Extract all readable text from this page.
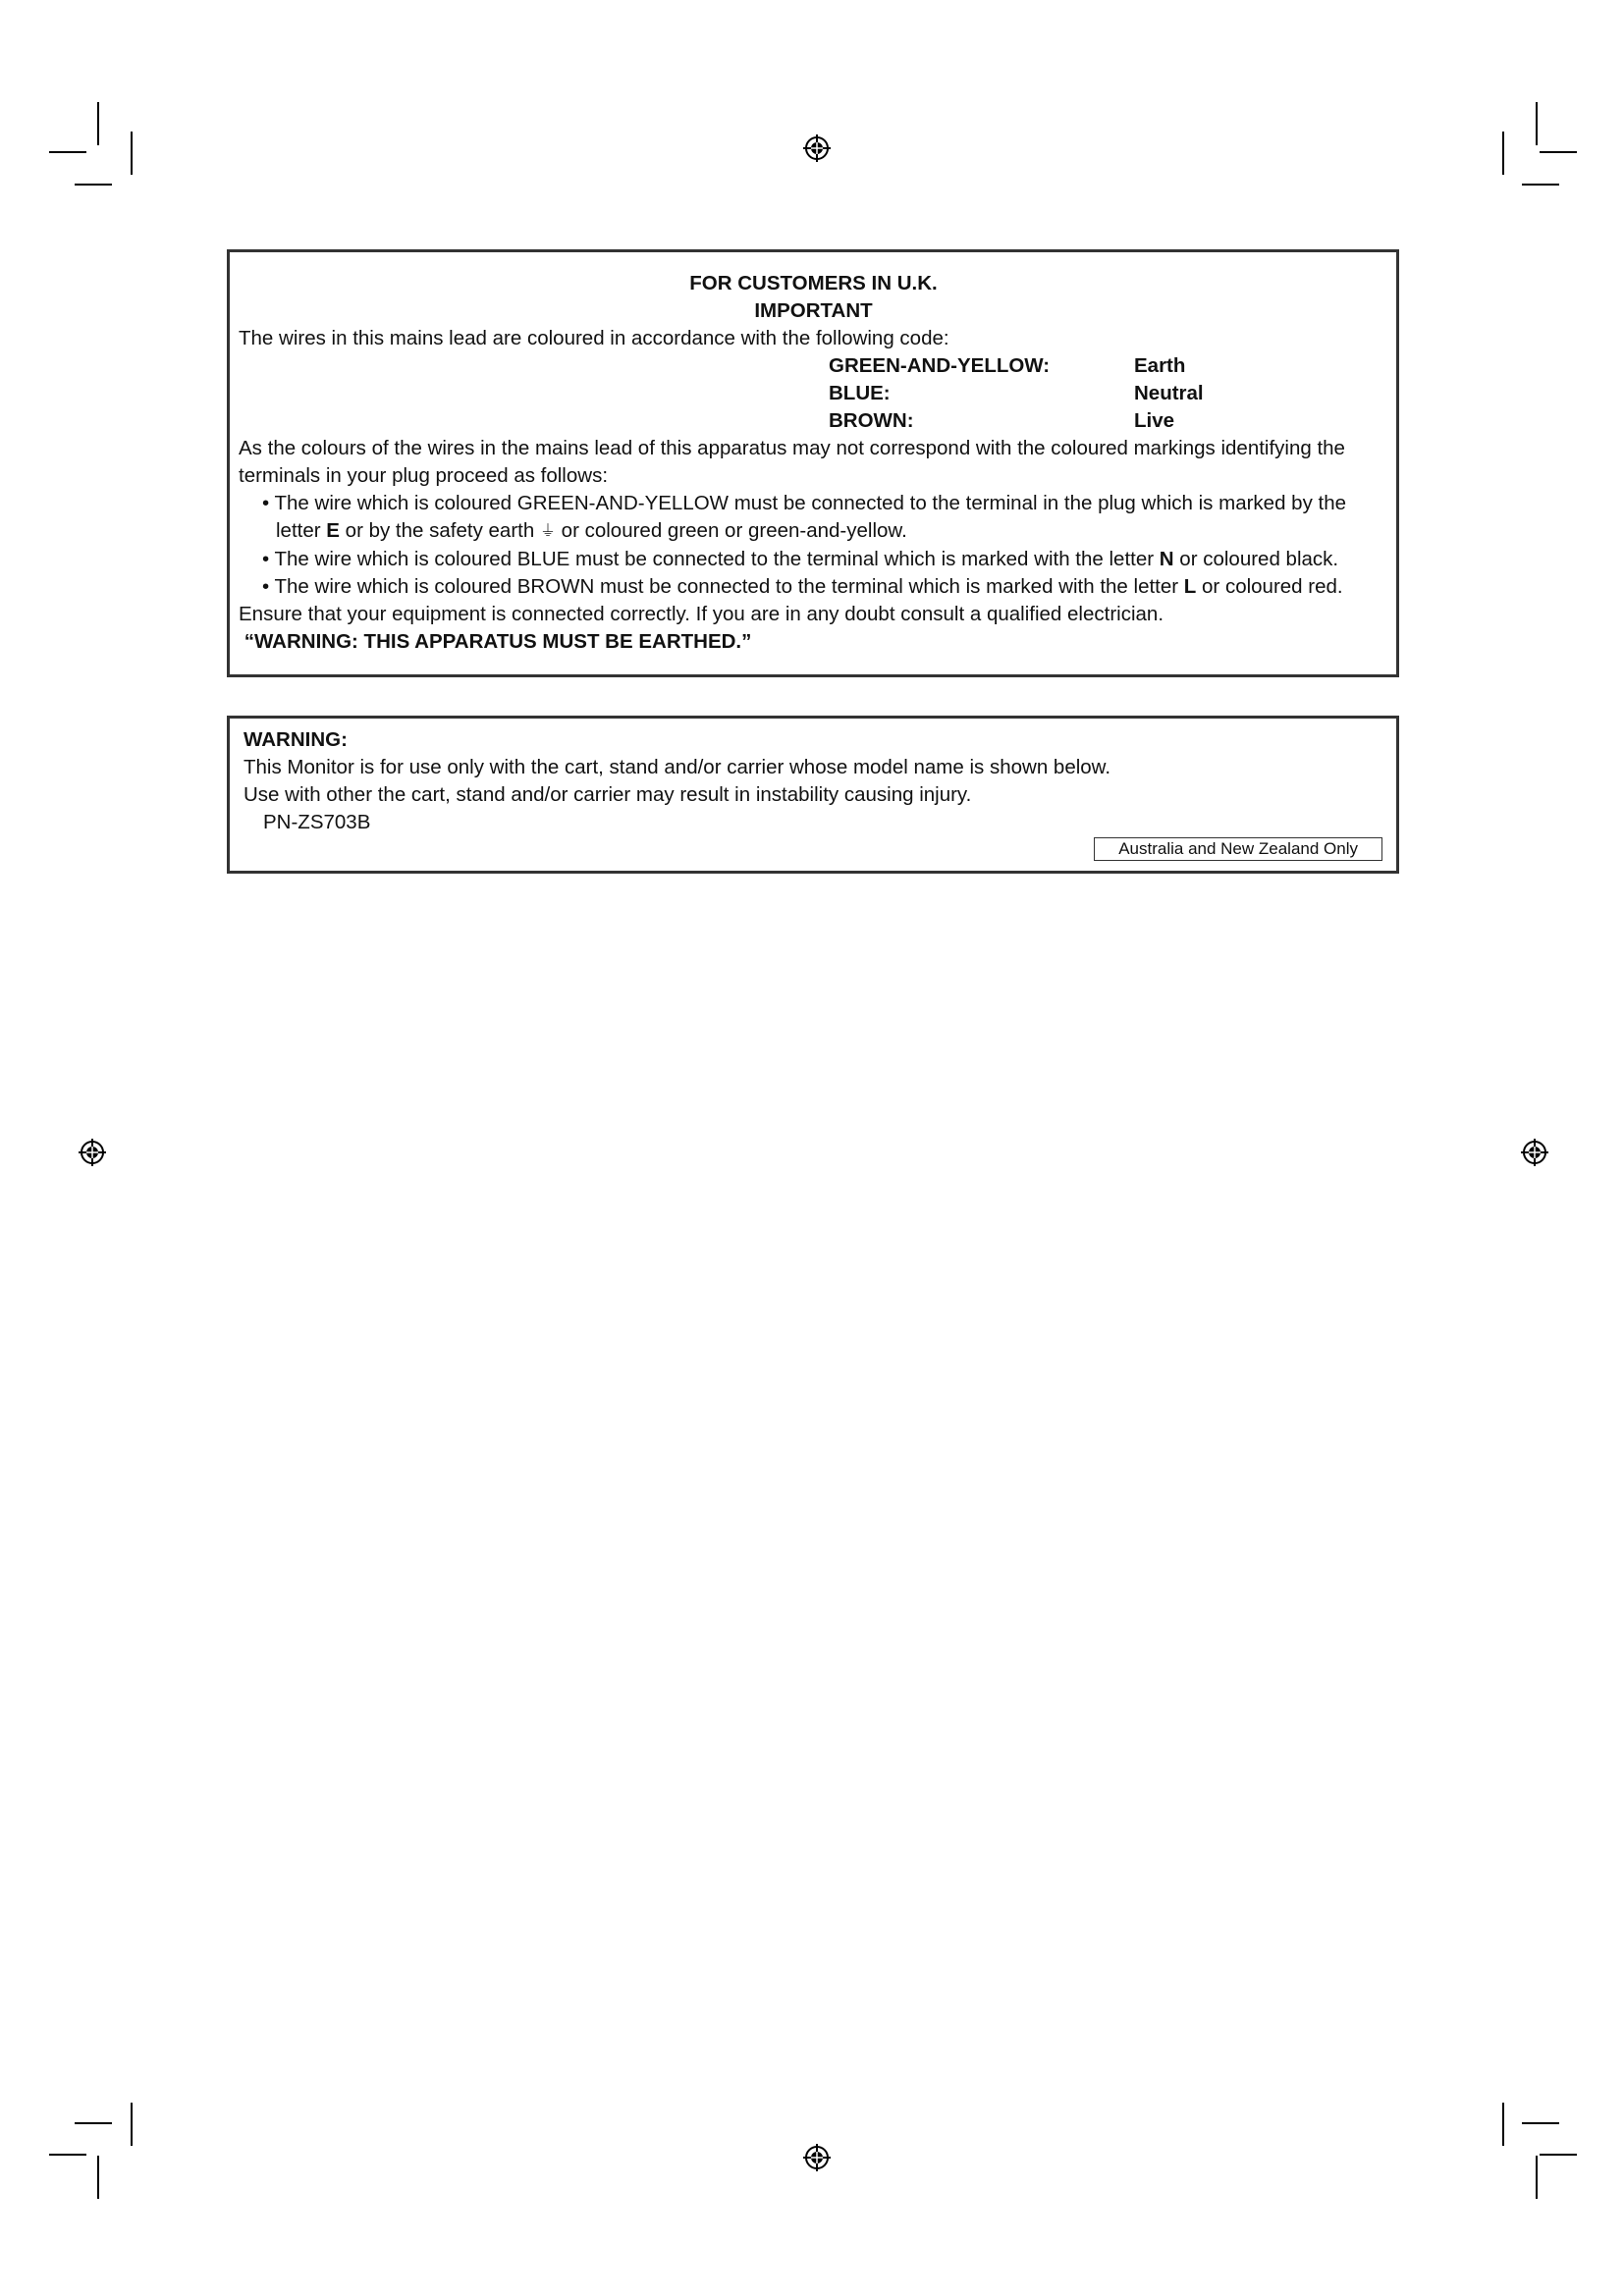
FOR CUSTOMERS IN U.K.
IMPORTANT
The wires in this mains lead are coloured in accordance with the following code:
GREEN-AND-YELLOW:	Earth
BLUE:	Neutral
BROWN:	Live
As the colours of the wires in the mains lead of this apparatus may not correspond with the coloured markings identifying the
terminals in your plug proceed as follows:
• The wire which is coloured GREEN-AND-YELLOW must be connected to the terminal in the plug which is marked by the
letter E or by the safety earth ⏚ or coloured green or green-and-yellow.
• The wire which is coloured BLUE must be connected to the terminal which is marked with the letter N or coloured black.
• The wire which is coloured BROWN must be connected to the terminal which is marked with the letter L or coloured red.
Ensure that your equipment is connected correctly. If you are in any doubt consult a qualified electrician.
“WARNING: THIS APPARATUS MUST BE EARTHED.”
WARNING:
This Monitor is for use only with the cart, stand and/or carrier whose model name is shown below.
Use with other the cart, stand and/or carrier may result in instability causing injury.
PN-ZS703B
Australia and New Zealand Only
